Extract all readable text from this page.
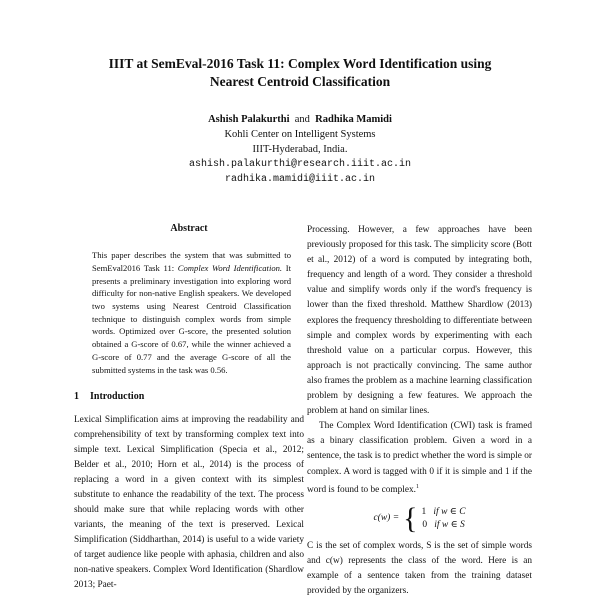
IIIT at SemEval-2016 Task 11: Complex Word Identification using
Nearest Centroid Classification
Ashish Palakurthi and Radhika Mamidi
Kohli Center on Intelligent Systems
IIIT-Hyderabad, India.
ashish.palakurthi@research.iiit.ac.in
radhika.mamidi@iiit.ac.in
Abstract

This paper describes the system that was submitted to SemEval2016 Task 11: Complex Word Identification. It presents a preliminary investigation into exploring word difficulty for non-native English speakers. We developed two systems using Nearest Centroid Classification technique to distinguish complex words from simple words. Optimized over G-score, the presented solution obtained a G-score of 0.67, while the winner achieved a G-score of 0.77 and the average G-score of all the submitted systems in the task was 0.56.

1 Introduction

Lexical Simplification aims at improving the readability and comprehensibility of text by transforming complex text into simple text. Lexical Simplification (Specia et al., 2012; Belder et al., 2010; Horn et al., 2014) is the process of replacing a word in a given context with its simplest substitute to enhance the readability of the text. The process should make sure that while replacing words with other variants, the meaning of the text is preserved. Lexical Simplification (Siddharthan, 2014) is useful to a wide variety of target audience like people with aphasia, children and also non-native speakers. Complex Word Identification (Shardlow 2013; Paet-

Processing. However, a few approaches have been previously proposed for this task. The simplicity score (Bott et al., 2012) of a word is computed by integrating both, frequency and length of a word. They consider a threshold value and simplify words only if the word's frequency is lower than the fixed threshold. Matthew Shardlow (2013) explores the frequency thresholding to differentiate between simple and complex words by experimenting with each threshold value on a particular corpus. However, this approach is not practically convincing. The same author also frames the problem as a machine learning classification problem by designing a few features. We approach the problem at hand on similar lines.

The Complex Word Identification (CWI) task is framed as a binary classification problem. Given a word in a sentence, the task is to predict whether the word is simple or complex. A word is tagged with 0 if it is simple and 1 if the word is found to be complex.$^1$

c(w) = { 1 if w ∈ C
0 if w ∈ S

C is the set of complex words, S is the set of simple words and c(w) represents the class of the word. Here is an example of a sentence taken from the training dataset provided by the organizers.
